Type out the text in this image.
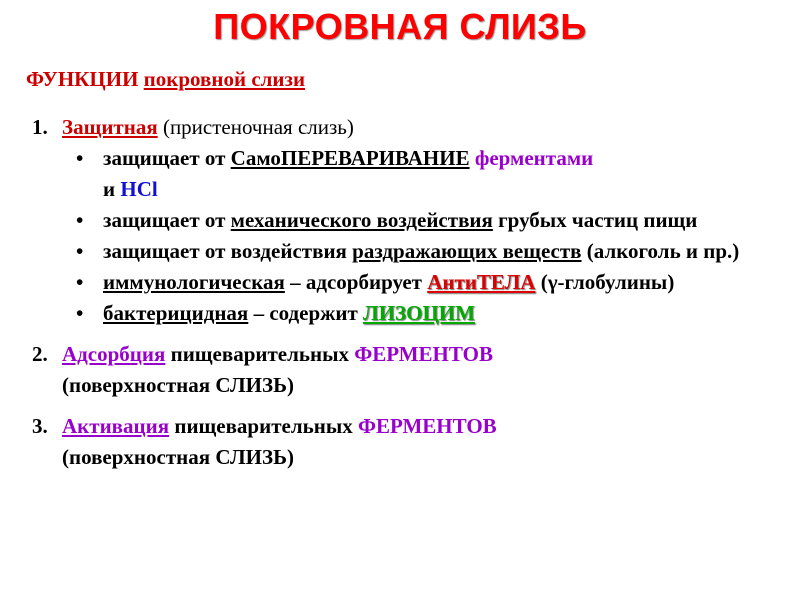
ПОКРОВНАЯ СЛИЗЬ
ФУНКЦИИ покровной слизи
1. Защитная (пристеночная слизь)
• защищает от СамоПЕРЕВАРИВАНИЕ ферментами
и HCl
• защищает от механического воздействия грубых частиц пищи
• защищает от воздействия раздражающих веществ (алкоголь и пр.)
• иммунологическая – адсорбирует АнтиТЕЛА (γ-глобулины)
• бактерицидная – содержит ЛИЗОЦИМ
2. Адсорбция пищеварительных ФЕРМЕНТОВ
(поверхностная СЛИЗЬ)
3. Активация пищеварительных ФЕРМЕНТОВ
(поверхностная СЛИЗЬ)
